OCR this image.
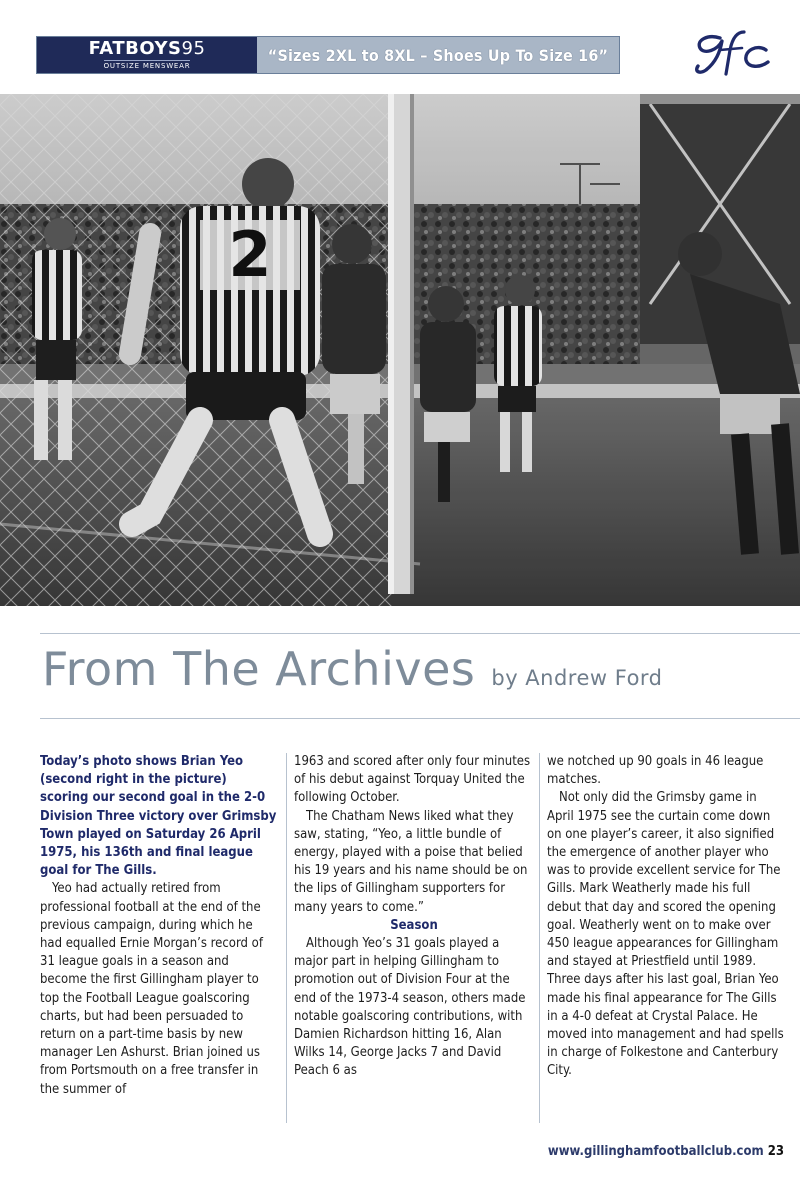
FATBOYS95
OUTSIZE MENSWEAR
“Sizes 2XL to 8XL – Shoes Up To Size 16”
2
From The Archives by Andrew Ford

Today’s photo shows Brian Yeo (second right in the picture) scoring our second goal in the 2-0 Division Three victory over Grimsby Town played on Saturday 26 April 1975, his 136th and final league goal for The Gills.

Yeo had actually retired from professional football at the end of the previous campaign, during which he had equalled Ernie Morgan’s record of 31 league goals in a season and become the first Gillingham player to top the Football League goalscoring charts, but had been persuaded to return on a part-time basis by new manager Len Ashurst. Brian joined us from Portsmouth on a free transfer in the summer of

1963 and scored after only four minutes of his debut against Torquay United the following October.

The Chatham News liked what they saw, stating, “Yeo, a little bundle of energy, played with a poise that belied his 19 years and his name should be on the lips of Gillingham supporters for many years to come.”

Season

Although Yeo’s 31 goals played a major part in helping Gillingham to promotion out of Division Four at the end of the 1973-4 season, others made notable goalscoring contributions, with Damien Richardson hitting 16, Alan Wilks 14, George Jacks 7 and David Peach 6 as

we notched up 90 goals in 46 league matches.

Not only did the Grimsby game in April 1975 see the curtain come down on one player’s career, it also signified the emergence of another player who was to provide excellent service for The Gills. Mark Weatherly made his full debut that day and scored the opening goal. Weatherly went on to make over 450 league appearances for Gillingham and stayed at Priestfield until 1989. Three days after his last goal, Brian Yeo made his final appearance for The Gills in a 4-0 defeat at Crystal Palace. He moved into management and had spells in charge of Folkestone and Canterbury City.

www.gillinghamfootballclub.com 23
